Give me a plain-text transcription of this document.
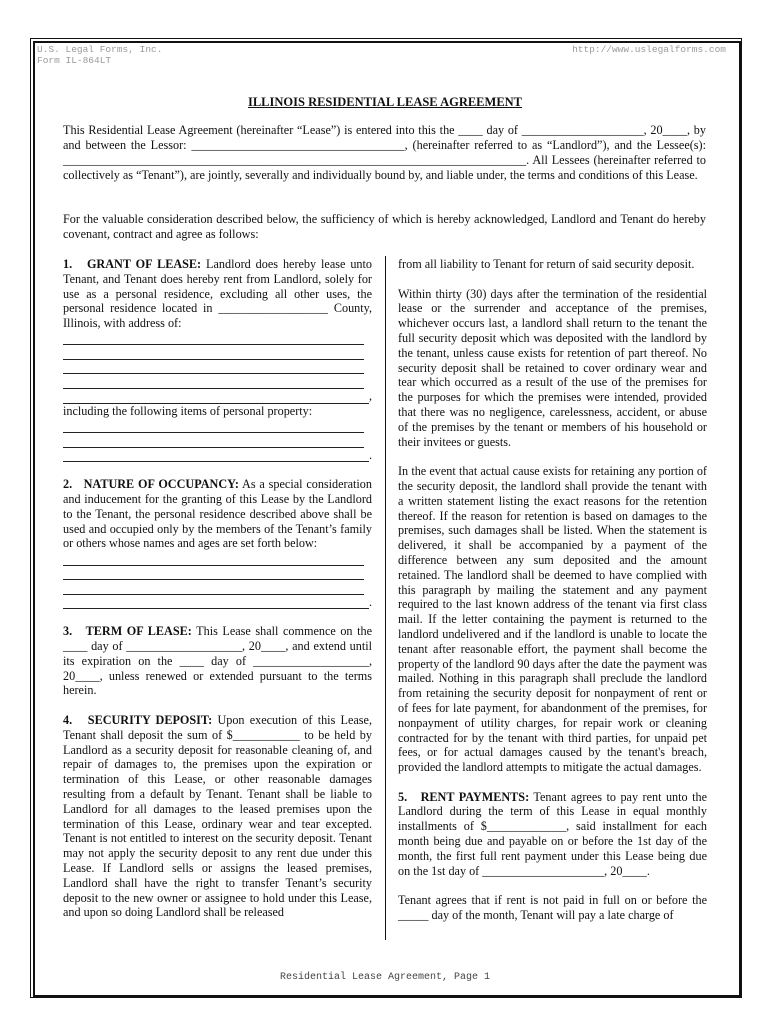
U.S. Legal Forms, Inc.
Form IL-864LT
http://www.uslegalforms.com
ILLINOIS RESIDENTIAL LEASE AGREEMENT
This Residential Lease Agreement (hereinafter “Lease”) is entered into this the ____ day of ____________________, 20____, by and between the Lessor: ___________________________________, (hereinafter referred to as “Landlord”), and the Lessee(s): ____________________________________________________________________________. All Lessees (hereinafter referred to collectively as “Tenant”), are jointly, severally and individually bound by, and liable under, the terms and conditions of this Lease.
For the valuable consideration described below, the sufficiency of which is hereby acknowledged, Landlord and Tenant do hereby covenant, contract and agree as follows:

1.   GRANT OF LEASE: Landlord does hereby lease unto Tenant, and Tenant does hereby rent from Landlord, solely for use as a personal residence, excluding all other uses, the personal residence located in __________________ County, Illinois, with address of:
,
including the following items of personal property:
.

2.   NATURE OF OCCUPANCY: As a special consideration and inducement for the granting of this Lease by the Landlord to the Tenant, the personal residence described above shall be used and occupied only by the members of the Tenant’s family or others whose names and ages are set forth below:
.

3.   TERM OF LEASE: This Lease shall commence on the ____ day of ___________________, 20____, and extend until its expiration on the ____ day of ___________________, 20____, unless renewed or extended pursuant to the terms herein.

4.   SECURITY DEPOSIT: Upon execution of this Lease, Tenant shall deposit the sum of $___________ to be held by Landlord as a security deposit for reasonable cleaning of, and repair of damages to, the premises upon the expiration or termination of this Lease, or other reasonable damages resulting from a default by Tenant. Tenant shall be liable to Landlord for all damages to the leased premises upon the termination of this Lease, ordinary wear and tear excepted. Tenant is not entitled to interest on the security deposit. Tenant may not apply the security deposit to any rent due under this Lease. If Landlord sells or assigns the leased premises, Landlord shall have the right to transfer Tenant’s security deposit to the new owner or assignee to hold under this Lease, and upon so doing Landlord shall be released

from all liability to Tenant for return of said security deposit.

Within thirty (30) days after the termination of the residential lease or the surrender and acceptance of the premises, whichever occurs last, a landlord shall return to the tenant the full security deposit which was deposited with the landlord by the tenant, unless cause exists for retention of part thereof. No security deposit shall be retained to cover ordinary wear and tear which occurred as a result of the use of the premises for the purposes for which the premises were intended, provided that there was no negligence, carelessness, accident, or abuse of the premises by the tenant or members of his household or their invitees or guests.

In the event that actual cause exists for retaining any portion of the security deposit, the landlord shall provide the tenant with a written statement listing the exact reasons for the retention thereof. If the reason for retention is based on damages to the premises, such damages shall be listed. When the statement is delivered, it shall be accompanied by a payment of the difference between any sum deposited and the amount retained. The landlord shall be deemed to have complied with this paragraph by mailing the statement and any payment required to the last known address of the tenant via first class mail. If the letter containing the payment is returned to the landlord undelivered and if the landlord is unable to locate the tenant after reasonable effort, the payment shall become the property of the landlord 90 days after the date the payment was mailed. Nothing in this paragraph shall preclude the landlord from retaining the security deposit for nonpayment of rent or of fees for late payment, for abandonment of the premises, for nonpayment of utility charges, for repair work or cleaning contracted for by the tenant with third parties, for unpaid pet fees, or for actual damages caused by the tenant's breach, provided the landlord attempts to mitigate the actual damages.

5.   RENT PAYMENTS: Tenant agrees to pay rent unto the Landlord during the term of this Lease in equal monthly installments of $_____________, said installment for each month being due and payable on or before the 1st day of the month, the first full rent payment under this Lease being due on the 1st day of ____________________, 20____.

Tenant agrees that if rent is not paid in full on or before the _____ day of the month, Tenant will pay a late charge of

Residential Lease Agreement, Page 1
